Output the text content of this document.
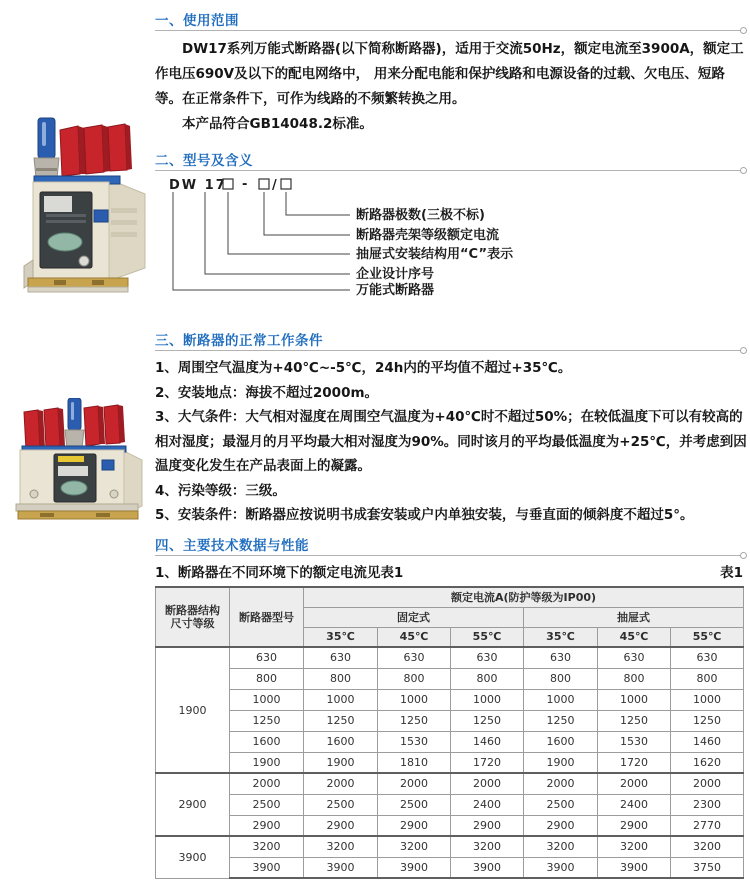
一、使用范围

DW17系列万能式断路器(以下简称断路器)，适用于交流50Hz，额定电流至3900A，额定工作电压690V及以下的配电网络中， 用来分配电能和保护线路和电源设备的过载、欠电压、短路等。在正常条件下，可作为线路的不频繁转换之用。

本产品符合GB14048.2标准。

二、型号及含义
DW 17 - /
断路器极数(三极不标)
断路器壳架等级额定电流
抽屉式安装结构用“C”表示
企业设计序号
万能式断路器
三、断路器的正常工作条件

1、周围空气温度为+40℃~-5℃，24h内的平均值不超过+35℃。

2、安装地点：海拔不超过2000m。

3、大气条件：大气相对湿度在周围空气温度为+40℃时不超过50%；在较低温度下可以有较高的相对湿度；最湿月的月平均最大相对湿度为90%。同时该月的平均最低温度为+25℃，并考虑到因温度变化发生在产品表面上的凝露。

4、污染等级：三级。

5、安装条件：断路器应按说明书成套安装或户内单独安装，与垂直面的倾斜度不超过5°。

四、主要技术数据与性能
1、断路器在不同环境下的额定电流见表1	表1
断路器结构
尺寸等级	断路器型号	额定电流A(防护等级为IP00)					
		固定式			抽屉式		
		35℃	45℃	55℃	35℃	45℃	55℃
1900	630	630	630	630	630	630	630
	800	800	800	800	800	800	800
	1000	1000	1000	1000	1000	1000	1000
	1250	1250	1250	1250	1250	1250	1250
	1600	1600	1530	1460	1600	1530	1460
	1900	1900	1810	1720	1900	1720	1620
2900	2000	2000	2000	2000	2000	2000	2000
	2500	2500	2500	2400	2500	2400	2300
	2900	2900	2900	2900	2900	2900	2770
3900	3200	3200	3200	3200	3200	3200	3200
	3900	3900	3900	3900	3900	3900	3750
